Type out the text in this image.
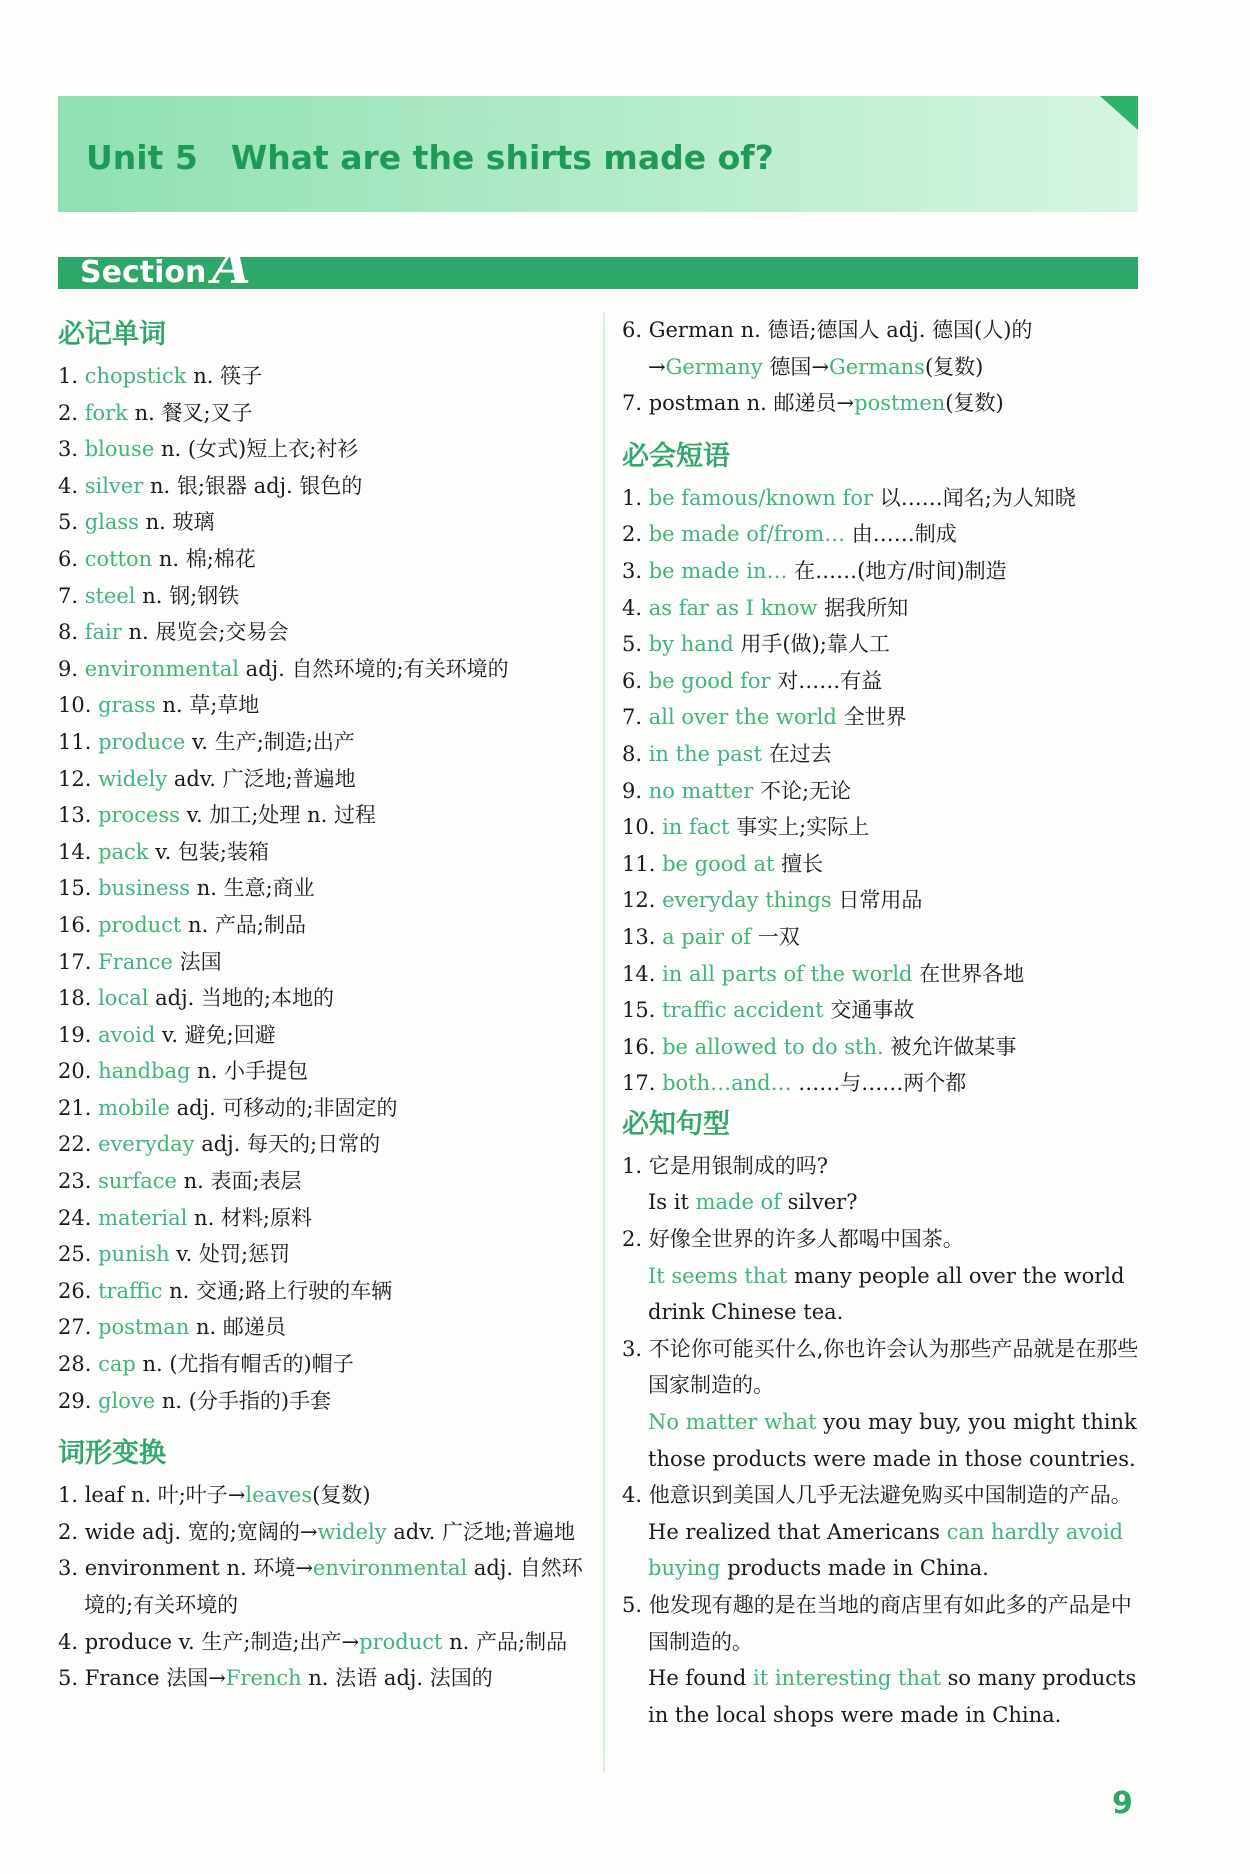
Unit 5 What are the shirts made of?
Section A
必记单词
1. chopstick n. 筷子
2. fork n. 餐叉;叉子
3. blouse n. (女式)短上衣;衬衫
4. silver n. 银;银器 adj. 银色的
5. glass n. 玻璃
6. cotton n. 棉;棉花
7. steel n. 钢;钢铁
8. fair n. 展览会;交易会
9. environmental adj. 自然环境的;有关环境的
10. grass n. 草;草地
11. produce v. 生产;制造;出产
12. widely adv. 广泛地;普遍地
13. process v. 加工;处理 n. 过程
14. pack v. 包装;装箱
15. business n. 生意;商业
16. product n. 产品;制品
17. France 法国
18. local adj. 当地的;本地的
19. avoid v. 避免;回避
20. handbag n. 小手提包
21. mobile adj. 可移动的;非固定的
22. everyday adj. 每天的;日常的
23. surface n. 表面;表层
24. material n. 材料;原料
25. punish v. 处罚;惩罚
26. traffic n. 交通;路上行驶的车辆
27. postman n. 邮递员
28. cap n. (尤指有帽舌的)帽子
29. glove n. (分手指的)手套
词形变换
1. leaf n. 叶;叶子→leaves(复数)
2. wide adj. 宽的;宽阔的→widely adv. 广泛地;普遍地
3. environment n. 环境→environmental adj. 自然环境的;有关环境的
4. produce v. 生产;制造;出产→product n. 产品;制品
5. France 法国→French n. 法语 adj. 法国的
6. German n. 德语;德国人 adj. 德国(人)的 →Germany 德国→Germans(复数)
7. postman n. 邮递员→postmen(复数)
必会短语
1. be famous/known for 以……闻名;为人知晓
2. be made of/from… 由……制成
3. be made in… 在……(地方/时间)制造
4. as far as I know 据我所知
5. by hand 用手(做);靠人工
6. be good for 对……有益
7. all over the world 全世界
8. in the past 在过去
9. no matter 不论;无论
10. in fact 事实上;实际上
11. be good at 擅长
12. everyday things 日常用品
13. a pair of 一双
14. in all parts of the world 在世界各地
15. traffic accident 交通事故
16. be allowed to do sth. 被允许做某事
17. both…and… ……与……两个都
必知句型
1. 它是用银制成的吗?
Is it made of silver?
2. 好像全世界的许多人都喝中国茶。
It seems that many people all over the world drink Chinese tea.
3. 不论你可能买什么,你也许会认为那些产品就是在那些国家制造的。
No matter what you may buy, you might think those products were made in those countries.
4. 他意识到美国人几乎无法避免购买中国制造的产品。
He realized that Americans can hardly avoid buying products made in China.
5. 他发现有趣的是在当地的商店里有如此多的产品是中国制造的。
He found it interesting that so many products in the local shops were made in China.
9
